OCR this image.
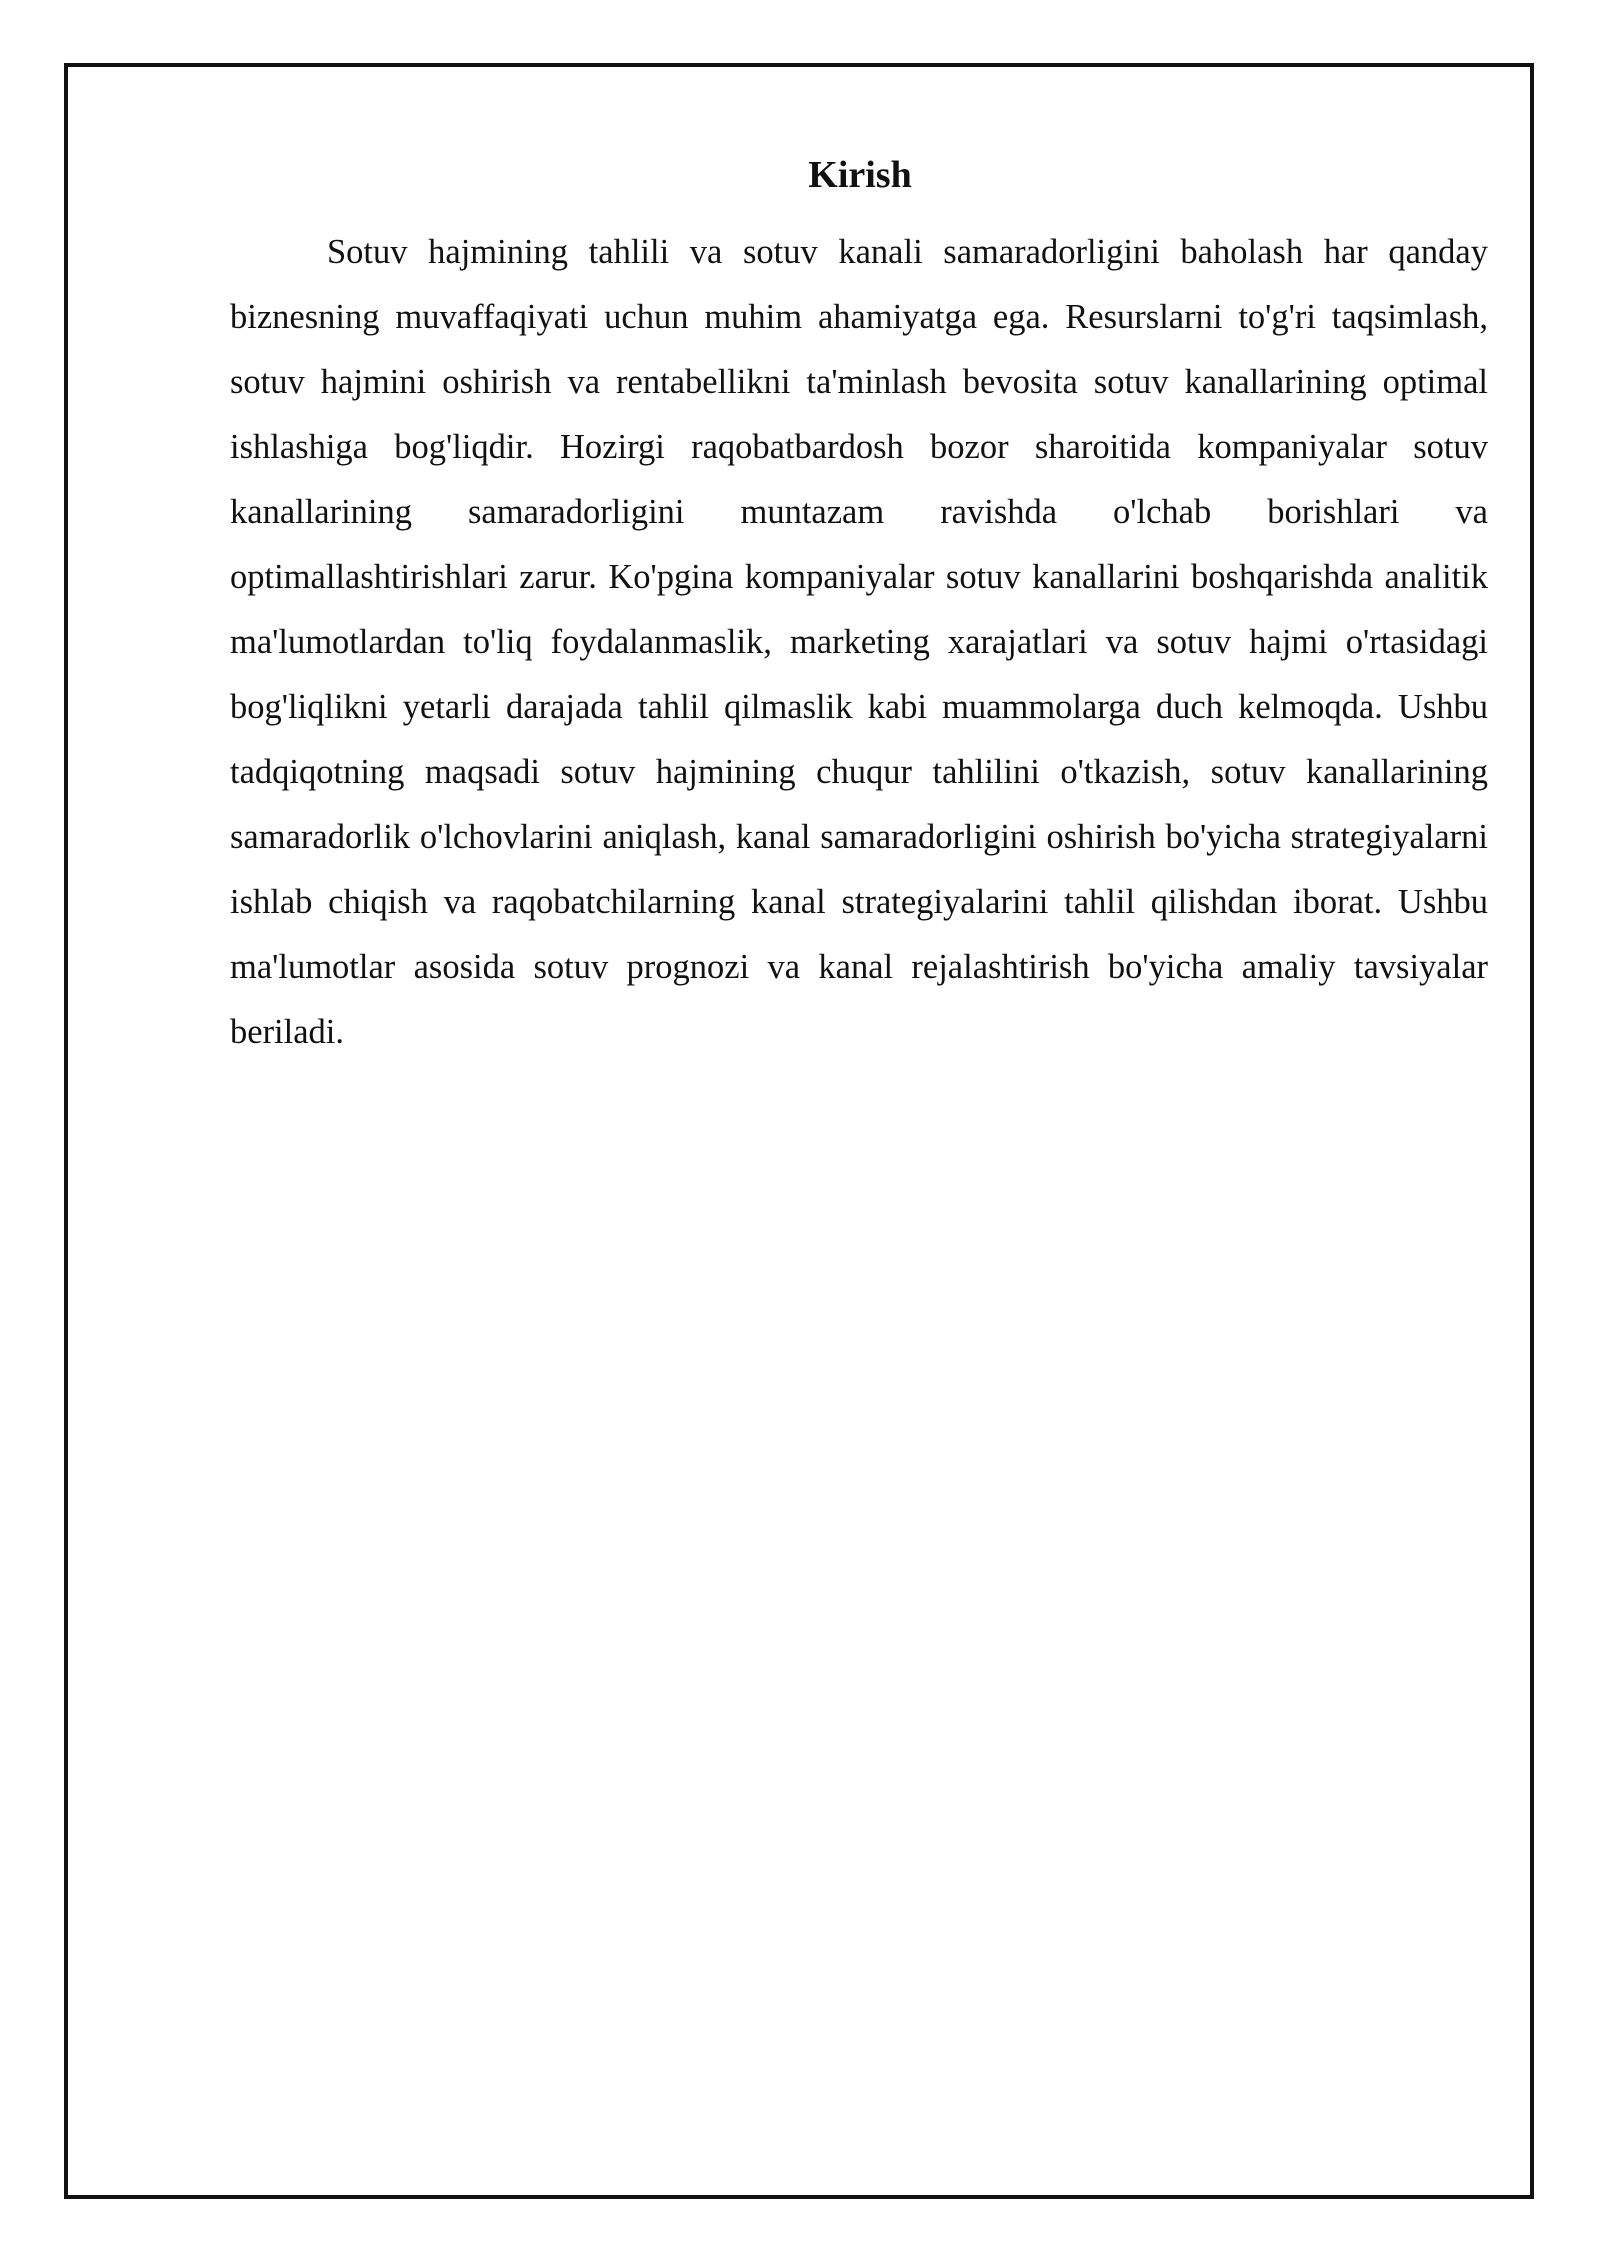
Kirish

Sotuv hajmining tahlili va sotuv kanali samaradorligini baholash har qanday biznesning muvaffaqiyati uchun muhim ahamiyatga ega. Resurslarni to'g'ri taqsimlash, sotuv hajmini oshirish va rentabellikni ta'minlash bevosita sotuv kanallarining optimal ishlashiga bog'liqdir. Hozirgi raqobatbardosh bozor sharoitida kompaniyalar sotuv kanallarining samaradorligini muntazam ravishda o'lchab borishlari va optimallashtirishlari zarur. Ko'pgina kompaniyalar sotuv kanallarini boshqarishda analitik ma'lumotlardan to'liq foydalanmaslik, marketing xarajatlari va sotuv hajmi o'rtasidagi bog'liqlikni yetarli darajada tahlil qilmaslik kabi muammolarga duch kelmoqda. Ushbu tadqiqotning maqsadi sotuv hajmining chuqur tahlilini o'tkazish, sotuv kanallarining samaradorlik o'lchovlarini aniqlash, kanal samaradorligini oshirish bo'yicha strategiyalarni ishlab chiqish va raqobatchilarning kanal strategiyalarini tahlil qilishdan iborat. Ushbu ma'lumotlar asosida sotuv prognozi va kanal rejalashtirish bo'yicha amaliy tavsiyalar beriladi.
